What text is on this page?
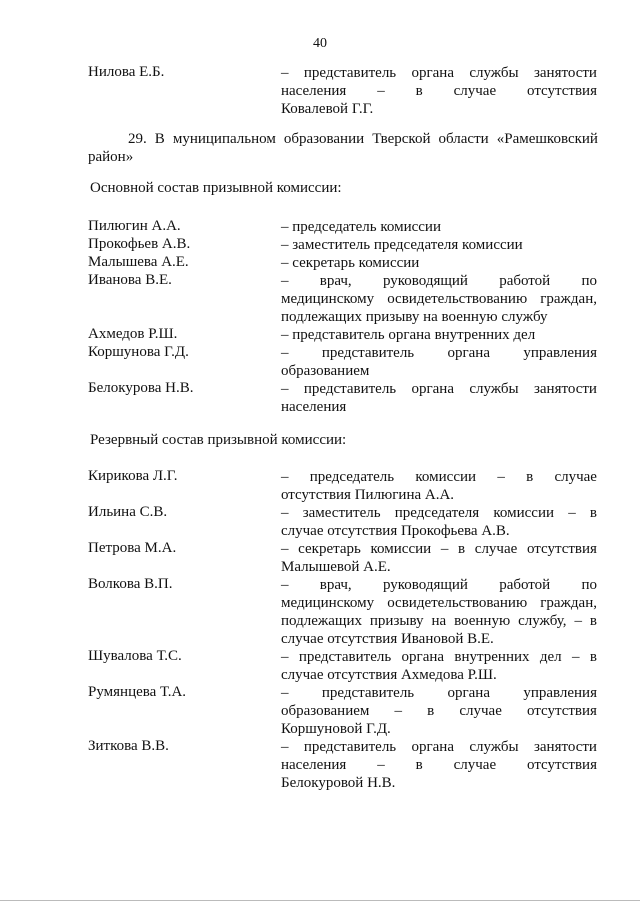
40
Нилова Е.Б.	– представитель органа службы занятости
населения – в случае отсутствия
Ковалевой Г.Г.
29. В муниципальном образовании Тверской области «Рамешковский
район»
Основной состав призывной комиссии:
Пилюгин А.А.	– председатель комиссии
Прокофьев А.В.	– заместитель председателя комиссии
Малышева А.Е.	– секретарь комиссии
Иванова В.Е.	– врач, руководящий работой по
медицинскому освидетельствованию граждан,
подлежащих призыву на военную службу
Ахмедов Р.Ш.	– представитель органа внутренних дел
Коршунова Г.Д.	– представитель органа управления
образованием
Белокурова Н.В.	– представитель органа службы занятости
населения
Резервный состав призывной комиссии:
Кирикова Л.Г.	– председатель комиссии – в случае
отсутствия Пилюгина А.А.
Ильина С.В.	– заместитель председателя комиссии – в
случае отсутствия Прокофьева А.В.
Петрова М.А.	– секретарь комиссии – в случае отсутствия
Малышевой А.Е.
Волкова В.П.	– врач, руководящий работой по
медицинскому освидетельствованию граждан,
подлежащих призыву на военную службу, – в
случае отсутствия Ивановой В.Е.
Шувалова Т.С.	– представитель органа внутренних дел – в
случае отсутствия Ахмедова Р.Ш.
Румянцева Т.А.	– представитель органа управления
образованием – в случае отсутствия
Коршуновой Г.Д.
Зиткова В.В.	– представитель органа службы занятости
населения – в случае отсутствия
Белокуровой Н.В.
